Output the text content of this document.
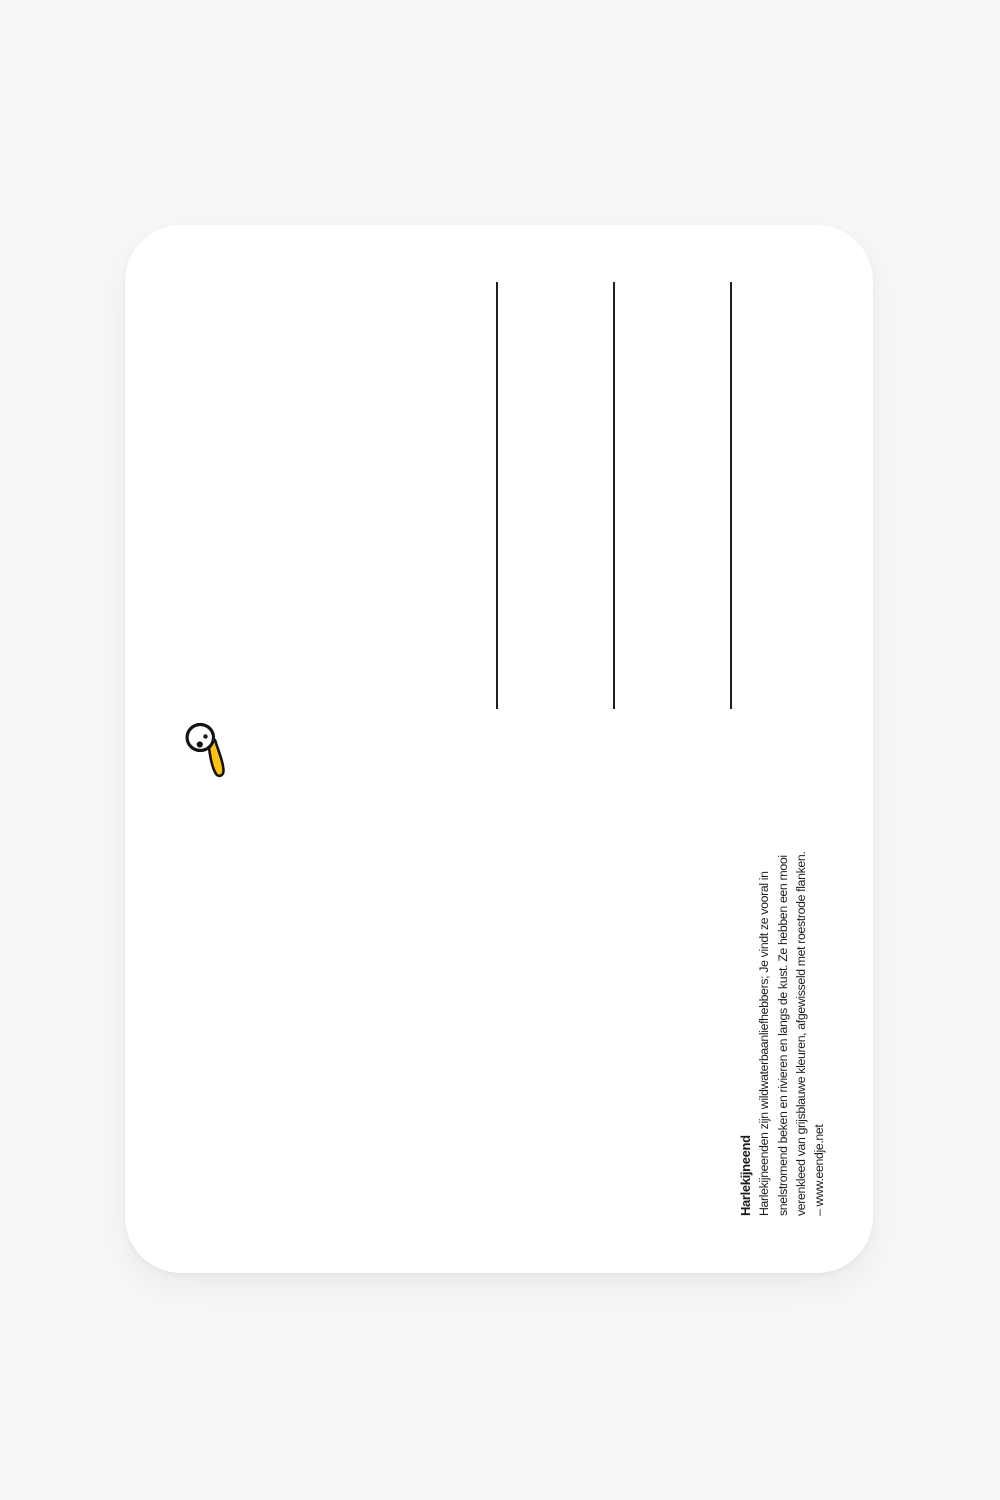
Harlekijneend Harlekijneenden zijn wildwaterbaanliefhebbers; Je vindt ze vooral in snelstromend beken en rivieren en langs de kust. Ze hebben een mooi verenkleed van grijsblauwe kleuren, afgewisseld met roestrode flanken. – www.eendje.net
